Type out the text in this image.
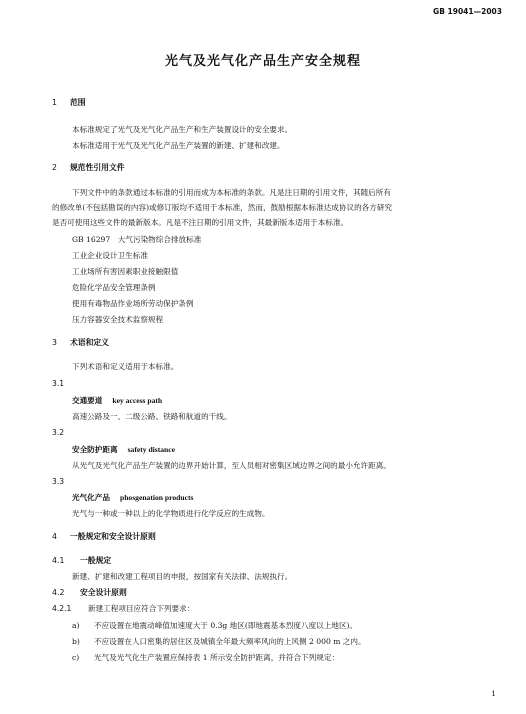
GB 19041—2003
光气及光气化产品生产安全规程
1 范围
本标准规定了光气及光气化产品生产和生产装置设计的安全要求。
本标准适用于光气及光气化产品生产装置的新建、扩建和改建。
2 规范性引用文件
下列文件中的条款通过本标准的引用而成为本标准的条款。凡是注日期的引用文件，其随后所有
的修改单(不包括勘误的内容)或修订版均不适用于本标准，然而，鼓励根据本标准达成协议的各方研究
是否可使用这些文件的最新版本。凡是不注日期的引用文件，其最新版本适用于本标准。
GB 16297　大气污染物综合排放标准
工业企业设计卫生标准
工业场所有害因素职业接触限值
危险化学品安全管理条例
使用有毒物品作业场所劳动保护条例
压力容器安全技术监察规程
3 术语和定义
下列术语和定义适用于本标准。
3.1
交通要道 key access path
高速公路及一、二级公路、铁路和航道的干线。
3.2
安全防护距离 safety distance
从光气及光气化产品生产装置的边界开始计算，至人员相对密集区域边界之间的最小允许距离。
3.3
光气化产品 phosgenation products
光气与一种或一种以上的化学物质进行化学反应的生成物。
4 一般规定和安全设计原则
4.1 一般规定
新建、扩建和改建工程项目的申报，按国家有关法律、法规执行。
4.2 安全设计原则
4.2.1 新建工程项目应符合下列要求：
a) 不应设置在地震动峰值加速度大于 0.3g 地区(即地震基本烈度八度以上地区)。
b) 不应设置在人口密集的居住区及城镇全年最大频率风向的上风侧 2 000 m 之内。
c) 光气及光气化生产装置应保持表 1 所示安全防护距离，并符合下列规定：
1
